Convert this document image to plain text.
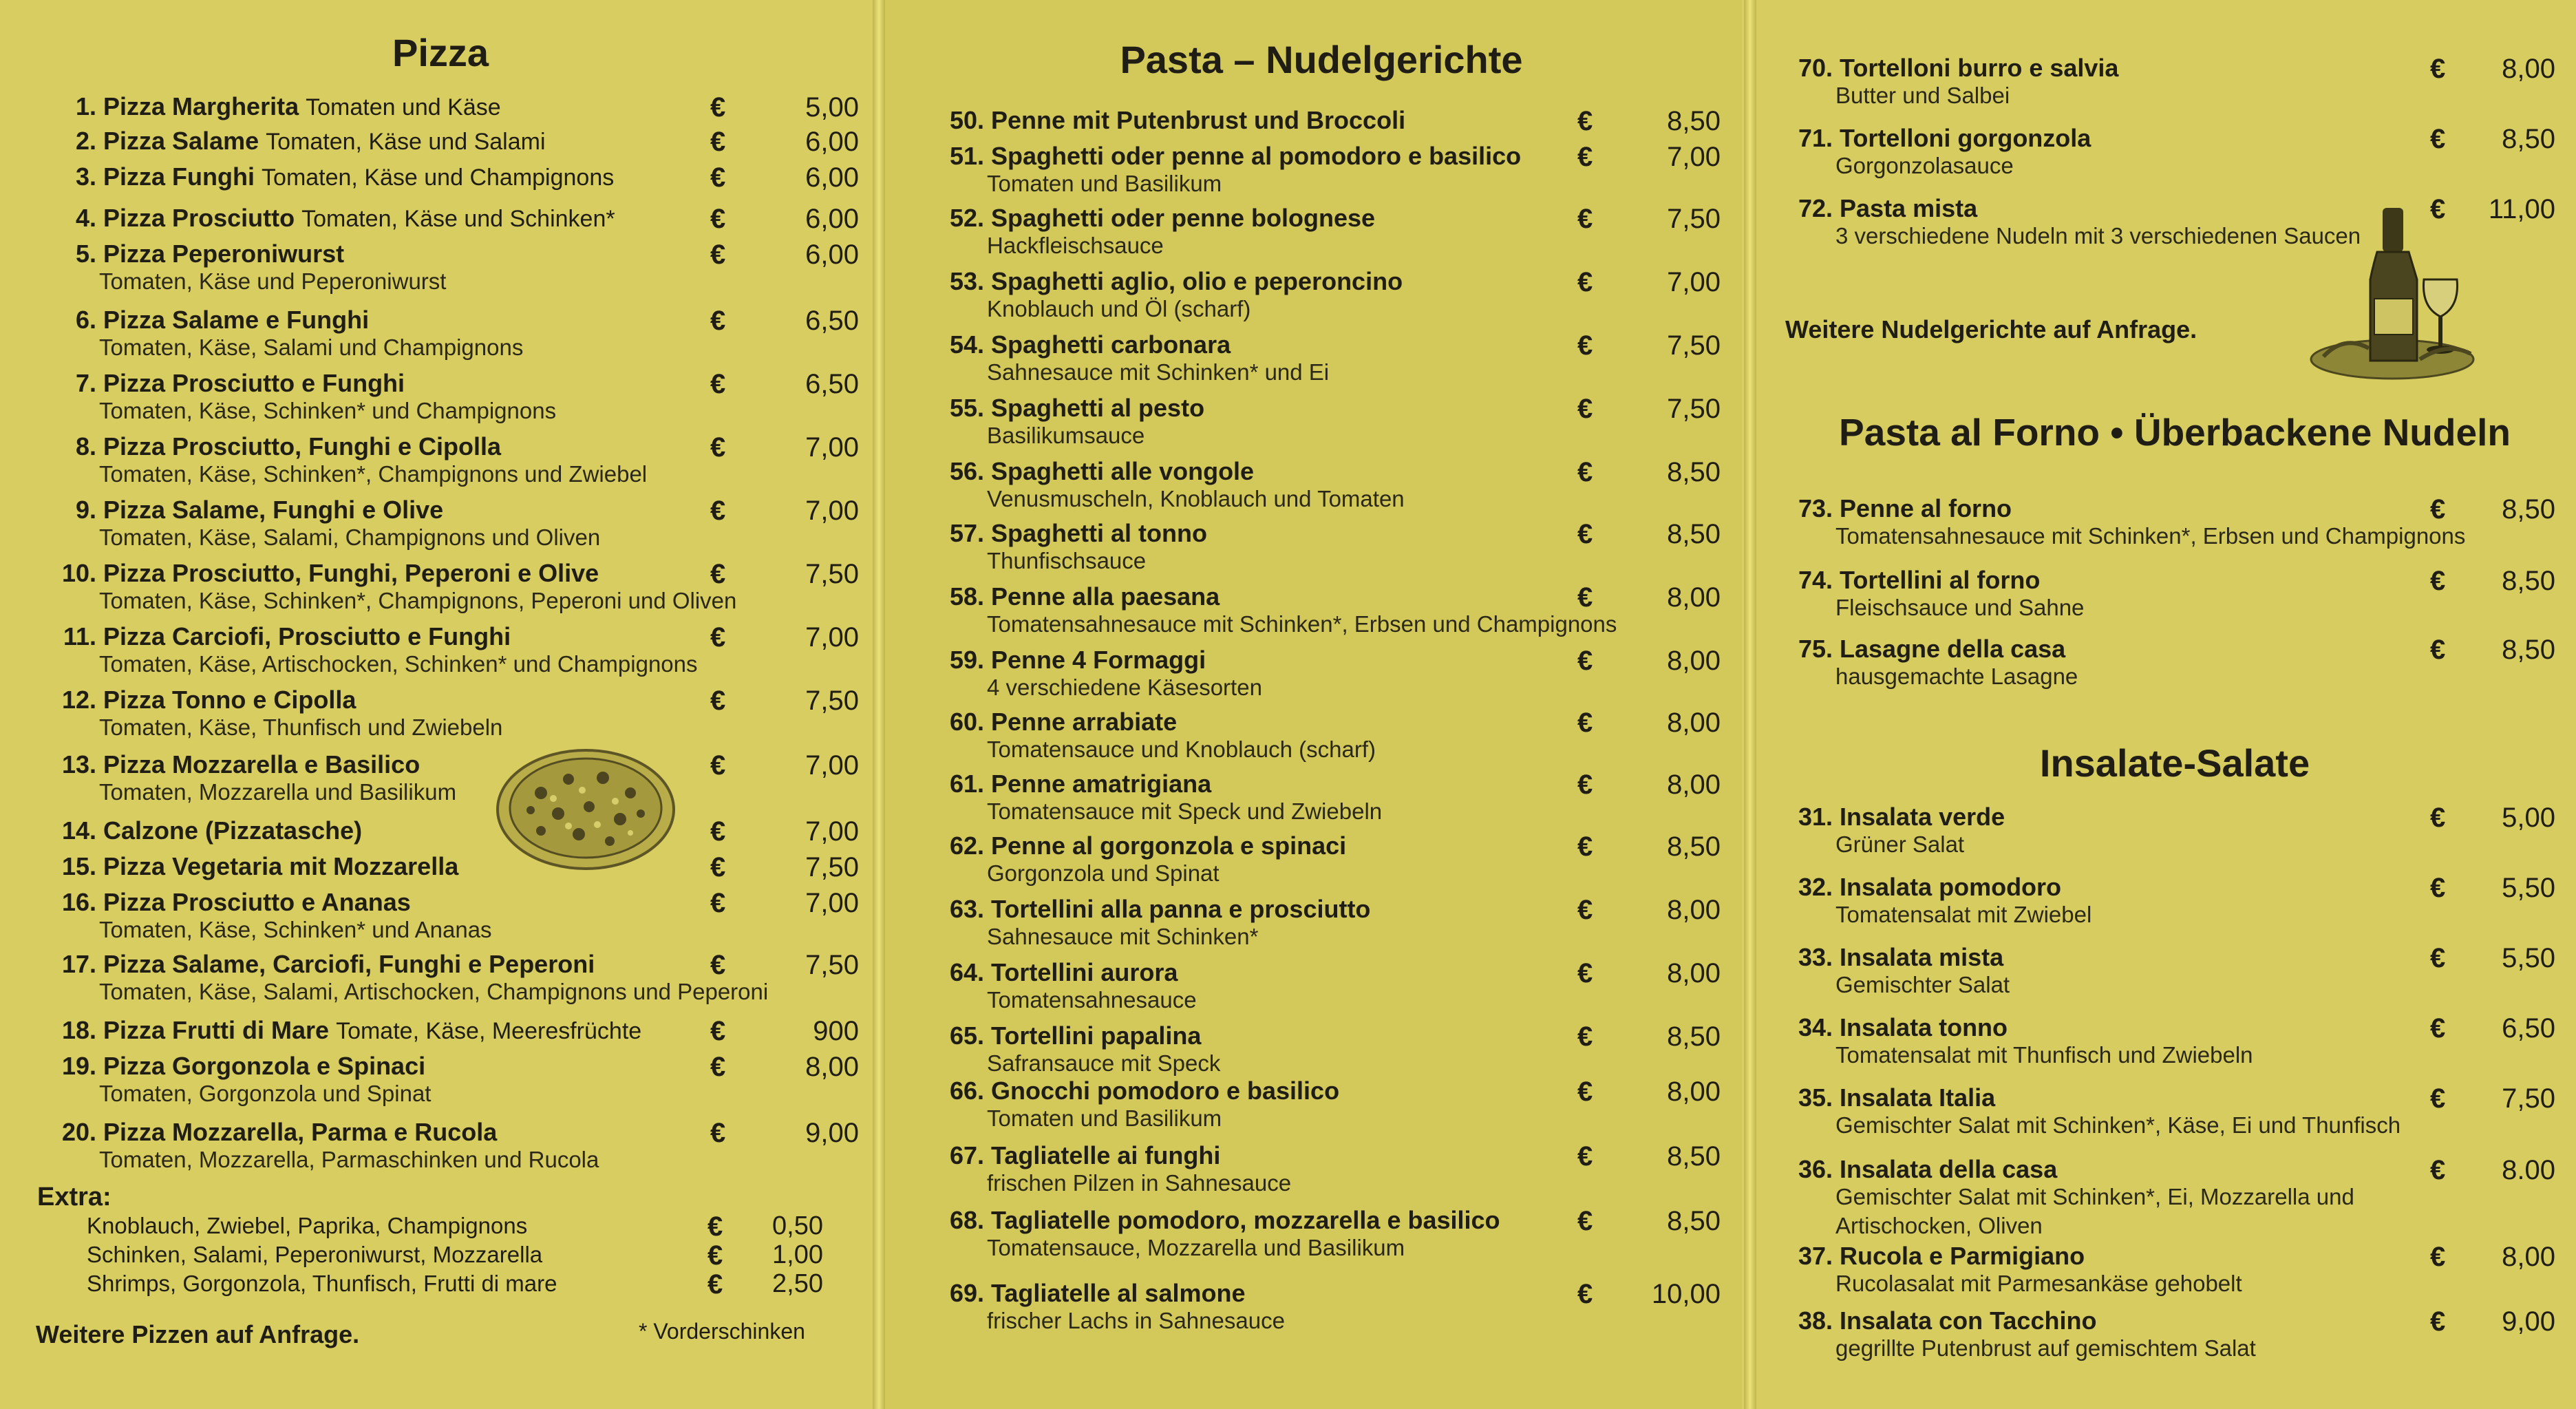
Pizza	Pasta – Nudelgerichte
Pasta al Forno • Überbackene Nudeln
Insalate-Salate
1. Pizza Margherita Tomaten und Käse	€	5,00
2. Pizza Salame Tomaten, Käse und Salami	€	6,00
3. Pizza Funghi Tomaten, Käse und Champignons	€	6,00
4. Pizza Prosciutto Tomaten, Käse und Schinken*	€	6,00
5. Pizza Peperoniwurst
Tomaten, Käse und Peperoniwurst
€	6,00
6. Pizza Salame e Funghi
Tomaten, Käse, Salami und Champignons
€	6,50
7. Pizza Prosciutto e Funghi
Tomaten, Käse, Schinken* und Champignons
€	6,50
8. Pizza Prosciutto, Funghi e Cipolla
Tomaten, Käse, Schinken*, Champignons und Zwiebel
€	7,00
9. Pizza Salame, Funghi e Olive
Tomaten, Käse, Salami, Champignons und Oliven
€	7,00
10. Pizza Prosciutto, Funghi, Peperoni e Olive
Tomaten, Käse, Schinken*, Champignons, Peperoni und Oliven
€	7,50
11. Pizza Carciofi, Prosciutto e Funghi
Tomaten, Käse, Artischocken, Schinken* und Champignons
€	7,00
12. Pizza Tonno e Cipolla
Tomaten, Käse, Thunfisch und Zwiebeln
€	7,50
13. Pizza Mozzarella e Basilico
Tomaten, Mozzarella und Basilikum
€	7,00
14. Calzone (Pizzatasche)	€	7,00
15. Pizza Vegetaria mit Mozzarella	€	7,50
16. Pizza Prosciutto e Ananas
Tomaten, Käse, Schinken* und Ananas
€	7,00
17. Pizza Salame, Carciofi, Funghi e Peperoni
Tomaten, Käse, Salami, Artischocken, Champignons und Peperoni
€	7,50
18. Pizza Frutti di Mare Tomate, Käse, Meeresfrüchte €	900
19. Pizza Gorgonzola e Spinaci
Tomaten, Gorgonzola und Spinat
€	8,00
20. Pizza Mozzarella, Parma e Rucola
Tomaten, Mozzarella, Parmaschinken und Rucola
€	9,00
50. Penne mit Putenbrust und Broccoli	€	8,50
51. Spaghetti oder penne al pomodoro e basilico
Tomaten und Basilikum
€	7,00
52. Spaghetti oder penne bolognese
Hackfleischsauce
€	7,50
53. Spaghetti aglio, olio e peperoncino
Knoblauch und Öl (scharf)
€	7,00
54. Spaghetti carbonara
Sahnesauce mit Schinken* und Ei
€	7,50
55. Spaghetti al pesto
Basilikumsauce
€	7,50
56. Spaghetti alle vongole
Venusmuscheln, Knoblauch und Tomaten
€	8,50
57. Spaghetti al tonno
Thunfischsauce
€	8,50
58. Penne alla paesana
Tomatensahnesauce mit Schinken*, Erbsen und Champignons
€	8,00
59. Penne 4 Formaggi
4 verschiedene Käsesorten
€	8,00
60. Penne arrabiate
Tomatensauce und Knoblauch (scharf)
€	8,00
61. Penne amatrigiana
Tomatensauce mit Speck und Zwiebeln
€	8,00
62. Penne al gorgonzola e spinaci
Gorgonzola und Spinat
€	8,50
63. Tortellini alla panna e prosciutto
Sahnesauce mit Schinken*
€	8,00
64. Tortellini aurora
Tomatensahnesauce
€	8,00
65. Tortellini papalina
Safransauce mit Speck
€	8,50
66. Gnocchi pomodoro e basilico
Tomaten und Basilikum
€	8,00
67. Tagliatelle ai funghi
frischen Pilzen in Sahnesauce
€	8,50
68. Tagliatelle pomodoro, mozzarella e basilico
Tomatensauce, Mozzarella und Basilikum
€	8,50
69. Tagliatelle al salmone
frischer Lachs in Sahnesauce
€	10,00
70. Tortelloni burro e salvia
Butter und Salbei
€	8,00
71. Tortelloni gorgonzola
Gorgonzolasauce
€	8,50
72. Pasta mista
3 verschiedene Nudeln mit 3 verschiedenen Saucen
€	11,00
73. Penne al forno
Tomatensahnesauce mit Schinken*, Erbsen und Champignons
€	8,50
74. Tortellini al forno
Fleischsauce und Sahne
€	8,50
75. Lasagne della casa
hausgemachte Lasagne
€	8,50
31. Insalata verde
Grüner Salat
€	5,00
32. Insalata pomodoro
Tomatensalat mit Zwiebel
€	5,50
33. Insalata mista
Gemischter Salat
€	5,50
34. Insalata tonno
Tomatensalat mit Thunfisch und Zwiebeln
€	6,50
35. Insalata Italia
Gemischter Salat mit Schinken*, Käse, Ei und Thunfisch
€	7,50
36. Insalata della casa
Gemischter Salat mit Schinken*, Ei, Mozzarella und
Artischocken, Oliven
€	8.00
37. Rucola e Parmigiano
Rucolasalat mit Parmesankäse gehobelt
€	8,00
38. Insalata con Tacchino
gegrillte Putenbrust auf gemischtem Salat
€	9,00
Extra:
Knoblauch, Zwiebel, Paprika, Champignons	€	0,50
Schinken, Salami, Peperoniwurst, Mozzarella	€	1,00
Shrimps, Gorgonzola, Thunfisch, Frutti di mare	€	2,50
Weitere Pizzen auf Anfrage.	* Vorderschinken
Weitere Nudelgerichte auf Anfrage.
